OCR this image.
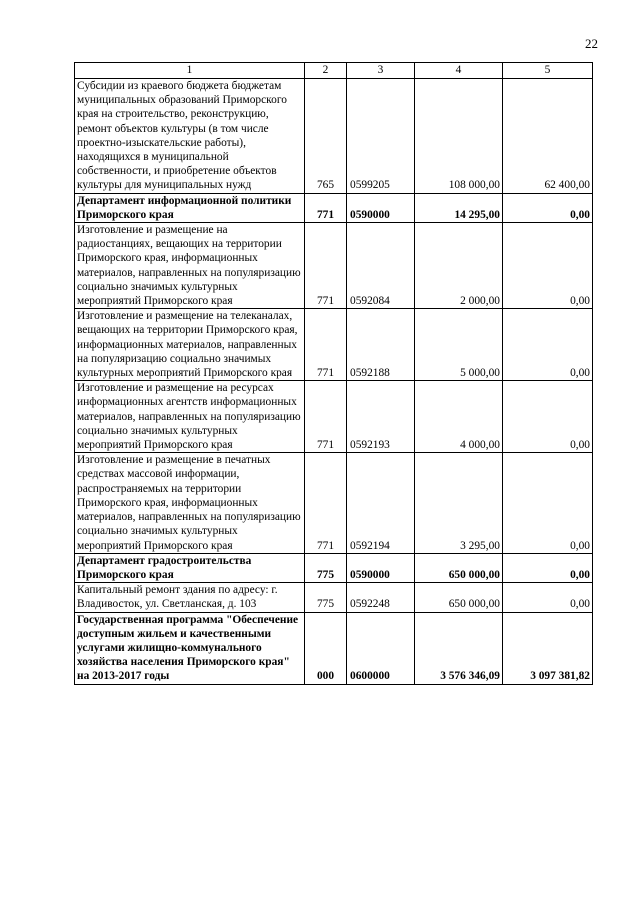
22
1	2	3	4	5
Субсидии из краевого бюджета бюджетам муниципальных образований Приморского края на строительство, реконструкцию, ремонт объектов культуры (в том числе проектно-изыскательские работы), находящихся в муниципальной собственности, и приобретение объектов культуры для муниципальных нужд	765	0599205	108 000,00	62 400,00
Департамент информационной политики Приморского края	771	0590000	14 295,00	0,00
Изготовление и размещение на радиостанциях, вещающих на территории Приморского края, информационных материалов, направленных на популяризацию социально значимых культурных мероприятий Приморского края	771	0592084	2 000,00	0,00
Изготовление и размещение на телеканалах, вещающих на территории Приморского края, информационных материалов, направленных на популяризацию социально значимых культурных мероприятий Приморского края	771	0592188	5 000,00	0,00
Изготовление и размещение на ресурсах информационных агентств информационных материалов, направленных на популяризацию социально значимых культурных мероприятий Приморского края	771	0592193	4 000,00	0,00
Изготовление и размещение в печатных средствах массовой информации, распространяемых на территории Приморского края, информационных материалов, направленных на популяризацию социально значимых культурных мероприятий Приморского края	771	0592194	3 295,00	0,00
Департамент градостроительства Приморского края	775	0590000	650 000,00	0,00
Капитальный ремонт здания по адресу: г. Владивосток, ул. Светланская, д. 103	775	0592248	650 000,00	0,00
Государственная программа "Обеспечение доступным жильем и качественными услугами жилищно-коммунального хозяйства населения Приморского края" на 2013-2017 годы	000	0600000	3 576 346,09	3 097 381,82
